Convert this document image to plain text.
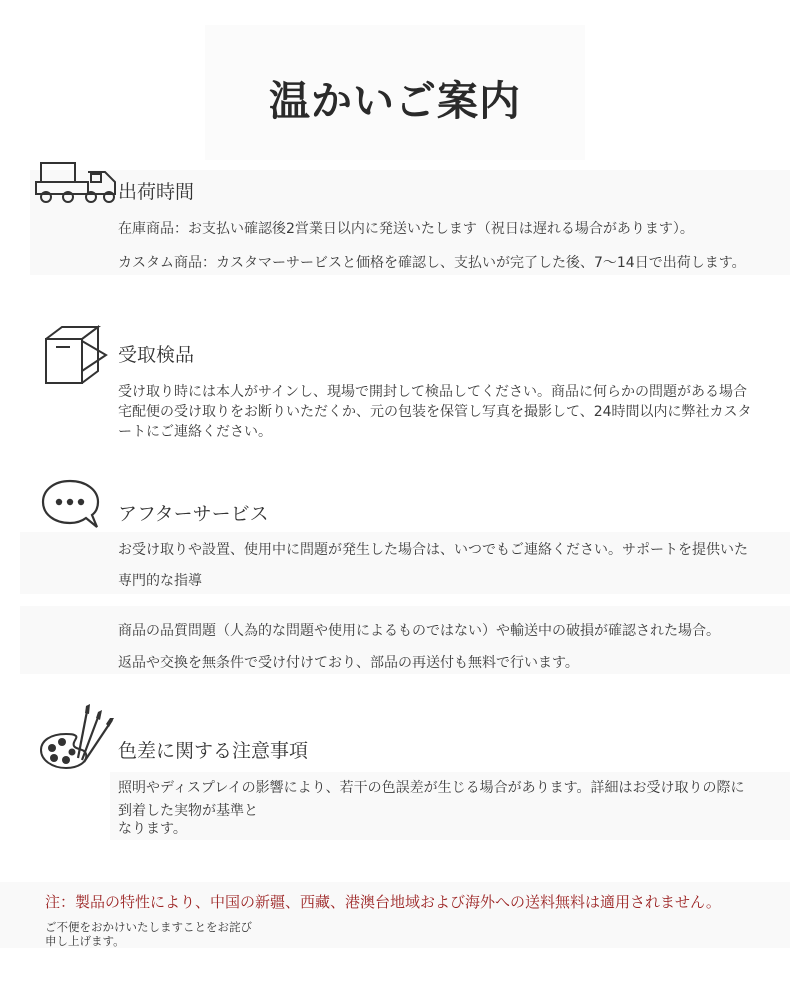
温かいご案内
出荷時間
在庫商品：お支払い確認後2営業日以内に発送いたします（祝日は遅れる場合があります）。
カスタム商品：カスタマーサービスと価格を確認し、支払いが完了した後、7〜14日で出荷します。
受取検品
受け取り時には本人がサインし、現場で開封して検品してください。商品に何らかの問題がある場合
宅配便の受け取りをお断りいただくか、元の包装を保管し写真を撮影して、24時間以内に弊社カスタ
ートにご連絡ください。
アフターサービス
お受け取りや設置、使用中に問題が発生した場合は、いつでもご連絡ください。サポートを提供いた
専門的な指導
商品の品質問題（人為的な問題や使用によるものではない）や輸送中の破損が確認された場合。
返品や交換を無条件で受け付けており、部品の再送付も無料で行います。
色差に関する注意事項
照明やディスプレイの影響により、若干の色誤差が生じる場合があります。詳細はお受け取りの際に
到着した実物が基準と
なります。
注：製品の特性により、中国の新疆、西藏、港澳台地域および海外への送料無料は適用されません。
ご不便をおかけいたしますことをお詫び
申し上げます。
